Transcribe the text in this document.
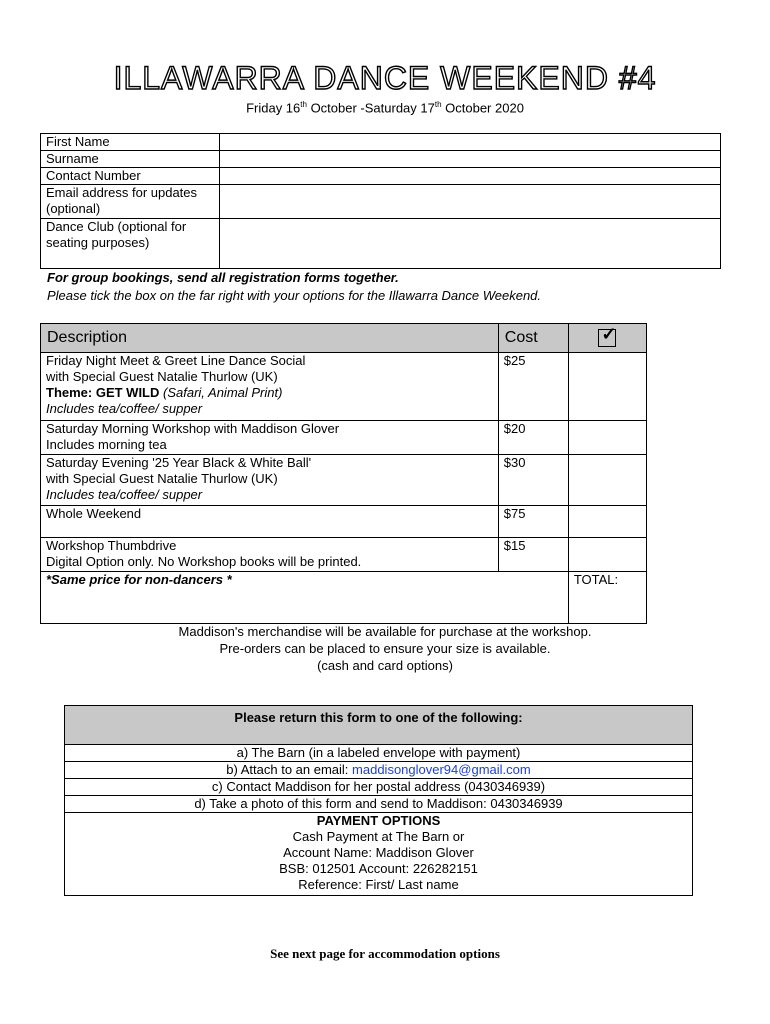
ILLAWARRA DANCE WEEKEND #4
Friday 16th October -Saturday 17th October 2020
First Name	
Surname	
Contact Number	
Email address for updates (optional)	
Dance Club (optional for seating purposes)	
For group bookings, send all registration forms together.
Please tick the box on the far right with your options for the Illawarra Dance Weekend.
Description	Cost	✓

Friday Night Meet & Greet Line Dance Social
with Special Guest Natalie Thurlow (UK)
Theme: GET WILD (Safari, Animal Print)
Includes tea/coffee/ supper	$25	

Saturday Morning Workshop with Maddison Glover
Includes morning tea	$20	

Saturday Evening '25 Year Black & White Ball'
with Special Guest Natalie Thurlow (UK)
Includes tea/coffee/ supper	$30	
Whole Weekend	$75	

Workshop Thumbdrive
Digital Option only. No Workshop books will be printed.	$15	
*Same price for non-dancers *		TOTAL:
Maddison's merchandise will be available for purchase at the workshop.
Pre-orders can be placed to ensure your size is available.
(cash and card options)
Please return this form to one of the following:
a) The Barn (in a labeled envelope with payment)
b) Attach to an email: maddisonglover94@gmail.com
c) Contact Maddison for her postal address (0430346939)
d) Take a photo of this form and send to Maddison: 0430346939

PAYMENT OPTIONS
Cash Payment at The Barn or
Account Name: Maddison Glover
BSB: 012501 Account: 226282151
Reference: First/ Last name
See next page for accommodation options
